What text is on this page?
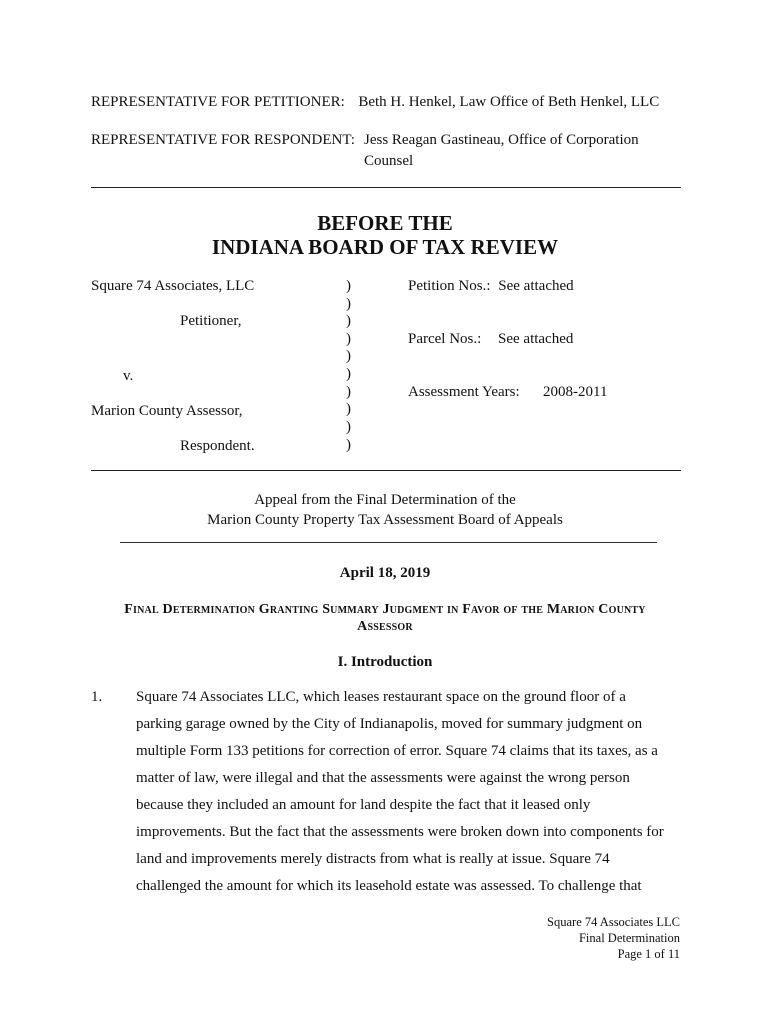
REPRESENTATIVE FOR PETITIONER: Beth H. Henkel, Law Office of Beth Henkel, LLC
REPRESENTATIVE FOR RESPONDENT: Jess Reagan Gastineau, Office of Corporation
Counsel
BEFORE THE
INDIANA BOARD OF TAX REVIEW
Square 74 Associates, LLC
Petitioner,
v.
Marion County Assessor,
Respondent.
)
)
)
)
)
)
)
)
)
)
Petition Nos.: See attached
Parcel Nos.: See attached
Assessment Years: 2008-2011
Appeal from the Final Determination of the
Marion County Property Tax Assessment Board of Appeals
April 18, 2019
Final Determination Granting Summary Judgment in Favor of the Marion County
Assessor
I. Introduction
1. Square 74 Associates LLC, which leases restaurant space on the ground floor of a
parking garage owned by the City of Indianapolis, moved for summary judgment on
multiple Form 133 petitions for correction of error. Square 74 claims that its taxes, as a
matter of law, were illegal and that the assessments were against the wrong person
because they included an amount for land despite the fact that it leased only
improvements. But the fact that the assessments were broken down into components for
land and improvements merely distracts from what is really at issue. Square 74
challenged the amount for which its leasehold estate was assessed. To challenge that
Square 74 Associates LLC
Final Determination
Page 1 of 11
